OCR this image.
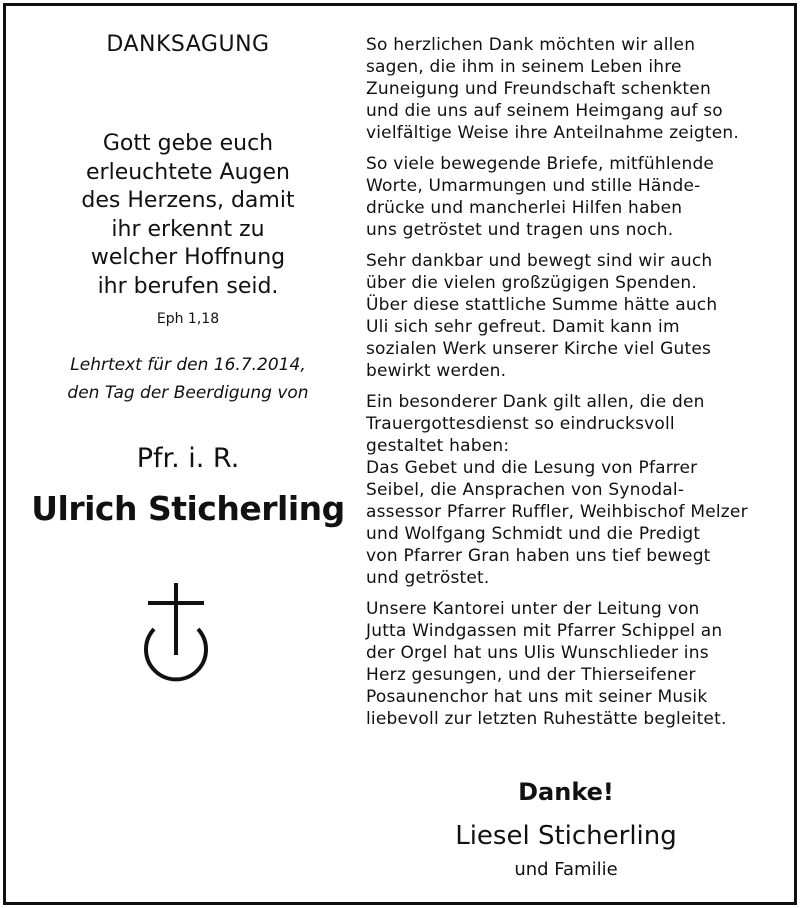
DANKSAGUNG
Gott gebe euch
erleuchtete Augen
des Herzens, damit
ihr erkennt zu
welcher Hoffnung
ihr berufen seid.
Eph 1,18
Lehrtext für den 16.7.2014,
den Tag der Beerdigung von
Pfr. i. R.
Ulrich Sticherling
So herzlichen Dank möchten wir allen
sagen, die ihm in seinem Leben ihre
Zuneigung und Freundschaft schenkten
und die uns auf seinem Heimgang auf so
vielfältige Weise ihre Anteilnahme zeigten.
So viele bewegende Briefe, mitfühlende
Worte, Umarmungen und stille Hände-
drücke und mancherlei Hilfen haben
uns getröstet und tragen uns noch.
Sehr dankbar und bewegt sind wir auch
über die vielen großzügigen Spenden.
Über diese stattliche Summe hätte auch
Uli sich sehr gefreut. Damit kann im
sozialen Werk unserer Kirche viel Gutes
bewirkt werden.
Ein besonderer Dank gilt allen, die den
Trauergottesdienst so eindrucksvoll
gestaltet haben:
Das Gebet und die Lesung von Pfarrer
Seibel, die Ansprachen von Synodal-
assessor Pfarrer Ruffler, Weihbischof Melzer
und Wolfgang Schmidt und die Predigt
von Pfarrer Gran haben uns tief bewegt
und getröstet.
Unsere Kantorei unter der Leitung von
Jutta Windgassen mit Pfarrer Schippel an
der Orgel hat uns Ulis Wunschlieder ins
Herz gesungen, und der Thierseifener
Posaunenchor hat uns mit seiner Musik
liebevoll zur letzten Ruhestätte begleitet.
Danke!
Liesel Sticherling
und Familie
